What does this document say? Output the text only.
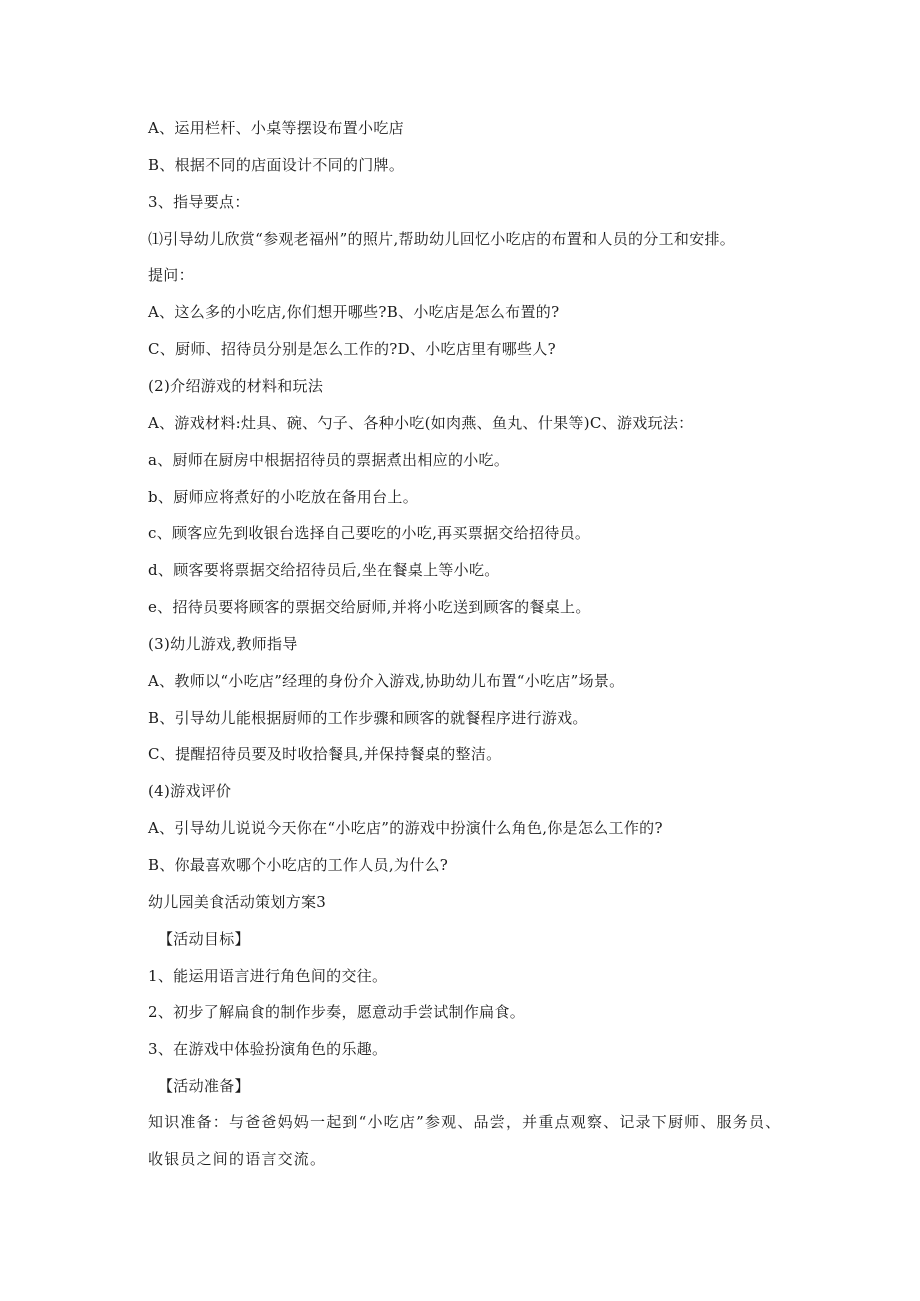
A、运用栏杆、小桌等摆设布置小吃店
B、根据不同的店面设计不同的门牌。
3、指导要点：
⑴引导幼儿欣赏“参观老福州”的照片,帮助幼儿回忆小吃店的布置和人员的分工和安排。
提问：
A、这么多的小吃店,你们想开哪些?B、小吃店是怎么布置的?
C、厨师、招待员分别是怎么工作的?D、小吃店里有哪些人?
(2)介绍游戏的材料和玩法
A、游戏材料:灶具、碗、勺子、各种小吃(如肉燕、鱼丸、什果等)C、游戏玩法：
a、厨师在厨房中根据招待员的票据煮出相应的小吃。
b、厨师应将煮好的小吃放在备用台上。
c、顾客应先到收银台选择自己要吃的小吃,再买票据交给招待员。
d、顾客要将票据交给招待员后,坐在餐桌上等小吃。
e、招待员要将顾客的票据交给厨师,并将小吃送到顾客的餐桌上。
(3)幼儿游戏,教师指导
A、教师以“小吃店”经理的身份介入游戏,协助幼儿布置“小吃店”场景。
B、引导幼儿能根据厨师的工作步骤和顾客的就餐程序进行游戏。
C、提醒招待员要及时收拾餐具,并保持餐桌的整洁。
(4)游戏评价
A、引导幼儿说说今天你在“小吃店”的游戏中扮演什么角色,你是怎么工作的?
B、你最喜欢哪个小吃店的工作人员,为什么?
幼儿园美食活动策划方案3
【活动目标】
1、能运用语言进行角色间的交往。
2、初步了解扁食的制作步奏，愿意动手尝试制作扁食。
3、在游戏中体验扮演角色的乐趣。
【活动准备】
知识准备：与爸爸妈妈一起到“小吃店”参观、品尝，并重点观察、记录下厨师、服务员、收银员之间的语言交流。
